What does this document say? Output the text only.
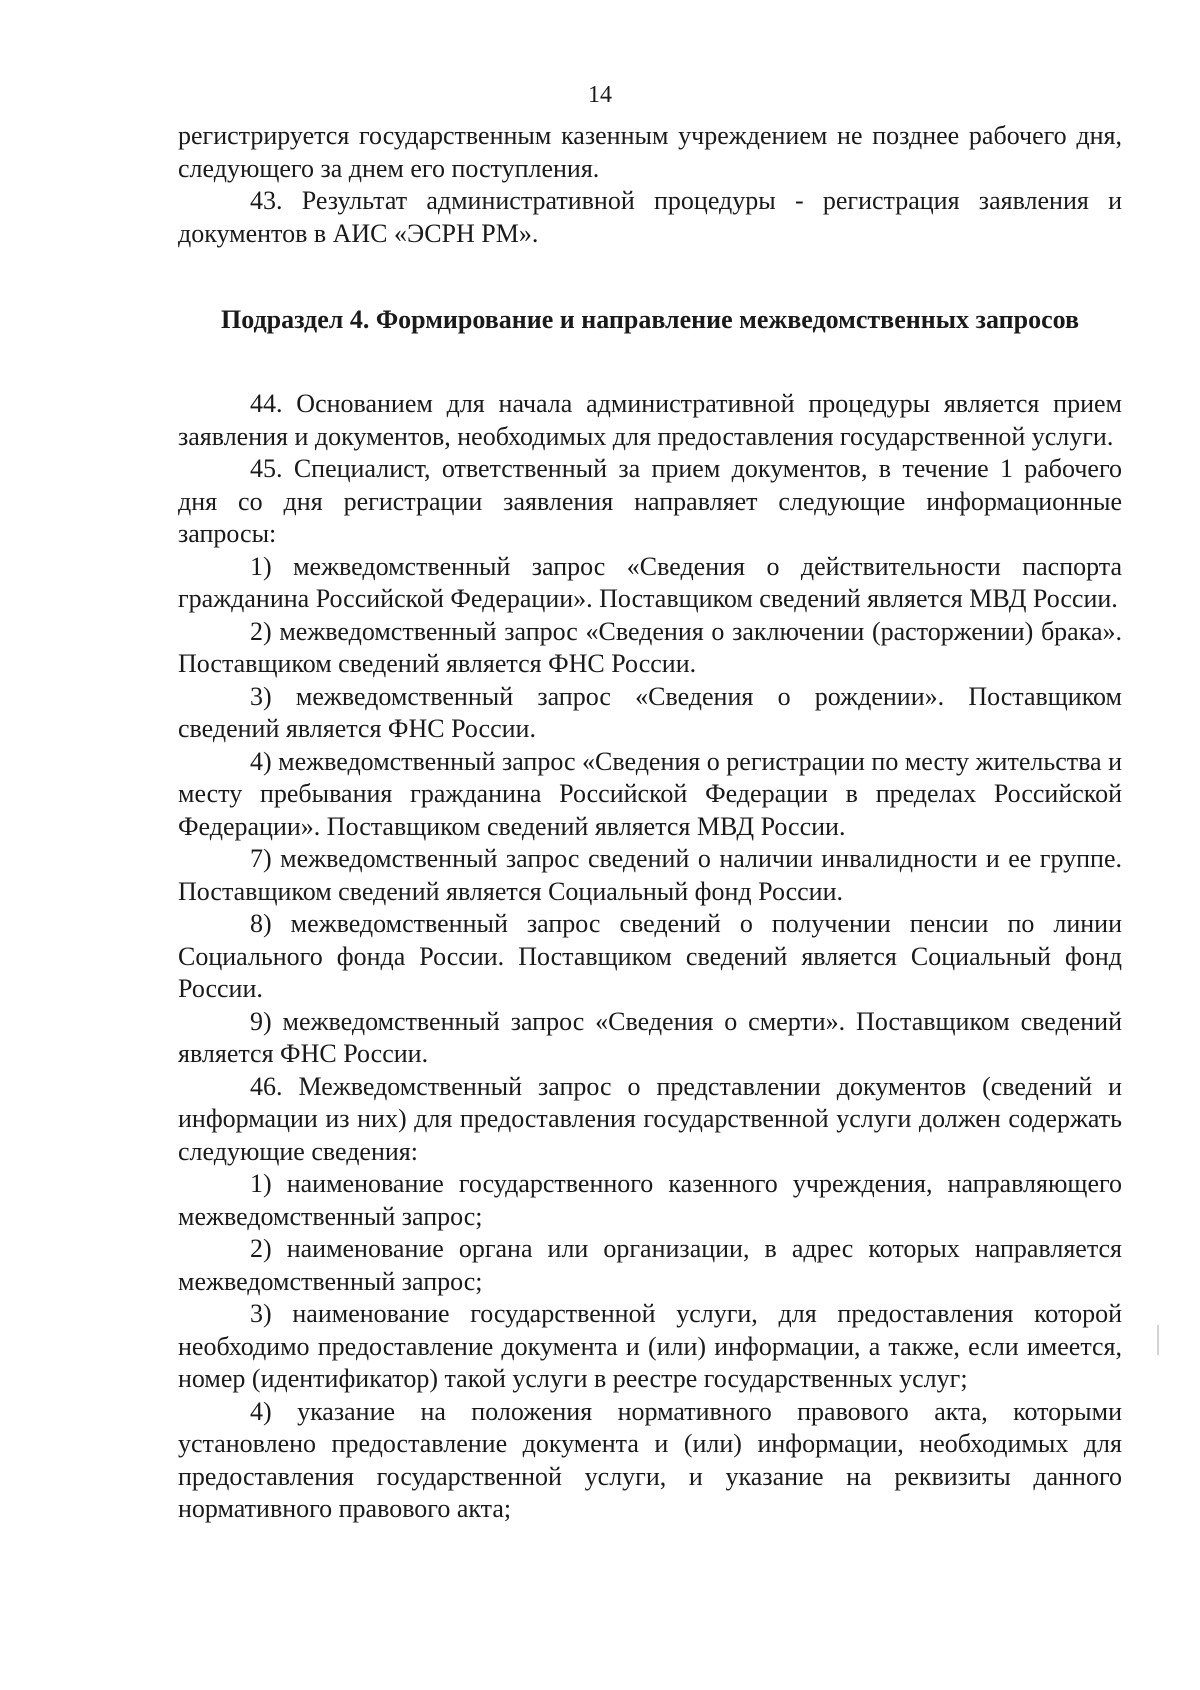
14

регистрируется государственным казенным учреждением не позднее рабочего дня, следующего за днем его поступления.

43. Результат административной процедуры - регистрация заявления и документов в АИС «ЭСРН РМ».

Подраздел 4. Формирование и направление межведомственных запросов

44. Основанием для начала административной процедуры является прием заявления и документов, необходимых для предоставления государственной услуги.

45. Специалист, ответственный за прием документов, в течение 1 рабочего дня со дня регистрации заявления направляет следующие информационные запросы:

1) межведомственный запрос «Сведения о действительности паспорта гражданина Российской Федерации». Поставщиком сведений является МВД России.

2) межведомственный запрос «Сведения о заключении (расторжении) брака». Поставщиком сведений является ФНС России.

3) межведомственный запрос «Сведения о рождении». Поставщиком сведений является ФНС России.

4) межведомственный запрос «Сведения о регистрации по месту жительства и месту пребывания гражданина Российской Федерации в пределах Российской Федерации». Поставщиком сведений является МВД России.

7) межведомственный запрос сведений о наличии инвалидности и ее группе. Поставщиком сведений является Социальный фонд России.

8) межведомственный запрос сведений о получении пенсии по линии Социального фонда России. Поставщиком сведений является Социальный фонд России.

9) межведомственный запрос «Сведения о смерти». Поставщиком сведений является ФНС России.

46. Межведомственный запрос о представлении документов (сведений и информации из них) для предоставления государственной услуги должен содержать следующие сведения:

1) наименование государственного казенного учреждения, направляющего межведомственный запрос;

2) наименование органа или организации, в адрес которых направляется межведомственный запрос;

3) наименование государственной услуги, для предоставления которой необходимо предоставление документа и (или) информации, а также, если имеется, номер (идентификатор) такой услуги в реестре государственных услуг;

4) указание на положения нормативного правового акта, которыми установлено предоставление документа и (или) информации, необходимых для предоставления государственной услуги, и указание на реквизиты данного нормативного правового акта;
